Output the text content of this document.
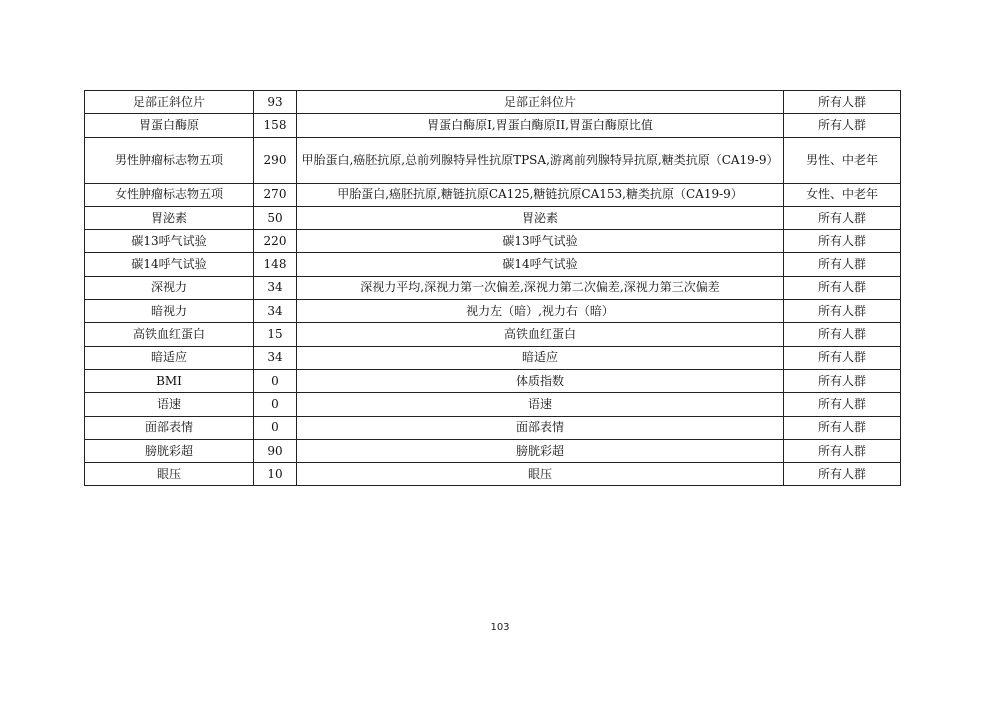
足部正斜位片	93	足部正斜位片	所有人群
胃蛋白酶原	158	胃蛋白酶原I,胃蛋白酶原II,胃蛋白酶原比值	所有人群
男性肿瘤标志物五项	290	甲胎蛋白,癌胚抗原,总前列腺特异性抗原TPSA,游离前列腺特异抗原,糖类抗原（CA19-9）	男性、中老年
女性肿瘤标志物五项	270	甲胎蛋白,癌胚抗原,糖链抗原CA125,糖链抗原CA153,糖类抗原（CA19-9）	女性、中老年
胃泌素	50	胃泌素	所有人群
碳13呼气试验	220	碳13呼气试验	所有人群
碳14呼气试验	148	碳14呼气试验	所有人群
深视力	34	深视力平均,深视力第一次偏差,深视力第二次偏差,深视力第三次偏差	所有人群
暗视力	34	视力左（暗）,视力右（暗）	所有人群
高铁血红蛋白	15	高铁血红蛋白	所有人群
暗适应	34	暗适应	所有人群
BMI	0	体质指数	所有人群
语速	0	语速	所有人群
面部表情	0	面部表情	所有人群
膀胱彩超	90	膀胱彩超	所有人群
眼压	10	眼压	所有人群
103
